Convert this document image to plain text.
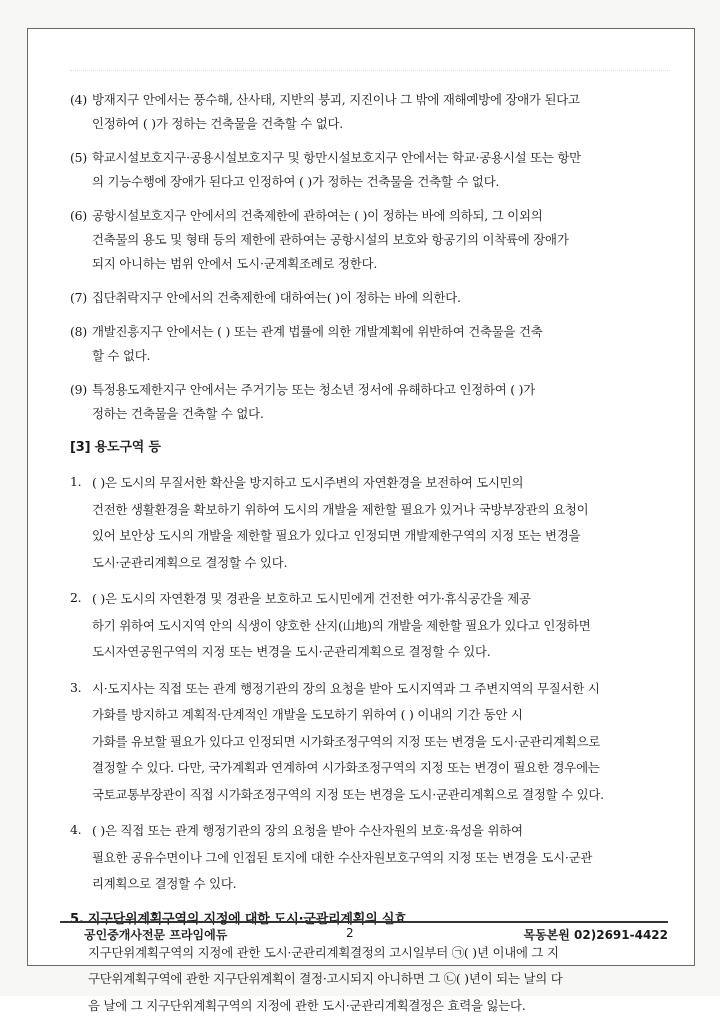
(4) 방재지구 안에서는 풍수해, 산사태, 지반의 붕괴, 지진이나 그 밖에 재해예방에 장애가 된다고
인정하여 ( )가 정하는 건축물을 건축할 수 없다.
(5) 학교시설보호지구·공용시설보호지구 및 항만시설보호지구 안에서는 학교·공용시설 또는 항만
의 기능수행에 장애가 된다고 인정하여 ( )가 정하는 건축물을 건축할 수 없다.
(6) 공항시설보호지구 안에서의 건축제한에 관하여는 ( )이 정하는 바에 의하되, 그 이외의
건축물의 용도 및 형태 등의 제한에 관하여는 공항시설의 보호와 항공기의 이착륙에 장애가
되지 아니하는 범위 안에서 도시·군계획조례로 정한다.
(7) 집단취락지구 안에서의 건축제한에 대하여는( )이 정하는 바에 의한다.
(8) 개발진흥지구 안에서는 ( ) 또는 관계 법률에 의한 개발계획에 위반하여 건축물을 건축
할 수 없다.
(9) 특정용도제한지구 안에서는 주거기능 또는 청소년 정서에 유해하다고 인정하여 ( )가
정하는 건축물을 건축할 수 없다.
[3] 용도구역 등
1. ( )은 도시의 무질서한 확산을 방지하고 도시주변의 자연환경을 보전하여 도시민의
건전한 생활환경을 확보하기 위하여 도시의 개발을 제한할 필요가 있거나 국방부장관의 요청이
있어 보안상 도시의 개발을 제한할 필요가 있다고 인정되면 개발제한구역의 지정 또는 변경을
도시·군관리계획으로 결정할 수 있다.
2. ( )은 도시의 자연환경 및 경관을 보호하고 도시민에게 건전한 여가·휴식공간을 제공
하기 위하여 도시지역 안의 식생이 양호한 산지(山地)의 개발을 제한할 필요가 있다고 인정하면
도시자연공원구역의 지정 또는 변경을 도시·군관리계획으로 결정할 수 있다.
3. 시·도지사는 직접 또는 관계 행정기관의 장의 요청을 받아 도시지역과 그 주변지역의 무질서한 시
가화를 방지하고 계획적·단계적인 개발을 도모하기 위하여 ( ) 이내의 기간 동안 시
가화를 유보할 필요가 있다고 인정되면 시가화조정구역의 지정 또는 변경을 도시·군관리계획으로
결정할 수 있다. 다만, 국가계획과 연계하여 시가화조정구역의 지정 또는 변경이 필요한 경우에는
국토교통부장관이 직접 시가화조정구역의 지정 또는 변경을 도시·군관리계획으로 결정할 수 있다.
4. ( )은 직접 또는 관계 행정기관의 장의 요청을 받아 수산자원의 보호·육성을 위하여
필요한 공유수면이나 그에 인접된 토지에 대한 수산자원보호구역의 지정 또는 변경을 도시·군관
리계획으로 결정할 수 있다.
5. 지구단위계획구역의 지정에 대한 도시·군관리계획의 실효
지구단위계획구역의 지정에 관한 도시·군관리계획결정의 고시일부터 ㉠( )년 이내에 그 지
구단위계획구역에 관한 지구단위계획이 결정·고시되지 아니하면 그 ㉡( )년이 되는 날의 다
음 날에 그 지구단위계획구역의 지정에 관한 도시·군관리계획결정은 효력을 잃는다.
공인중개사전문 프라임에듀	2	목동본원 02)2691-4422
